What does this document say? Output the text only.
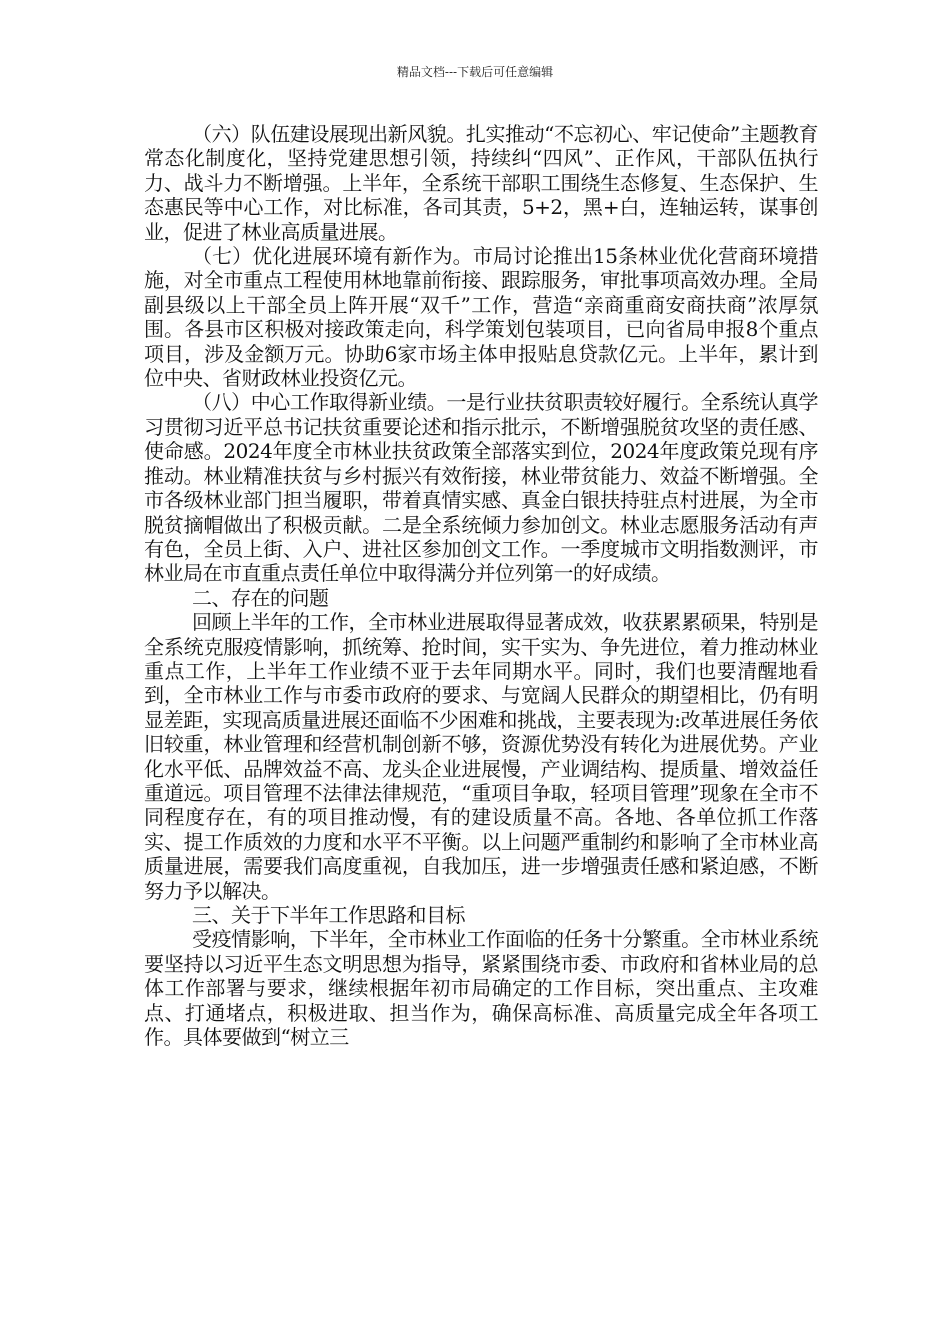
精品文档---下载后可任意编辑

（六）队伍建设展现出新风貌。扎实推动“不忘初心、牢记使命”主题教育常态化制度化，坚持党建思想引领，持续纠“四风”、正作风，干部队伍执行力、战斗力不断增强。上半年，全系统干部职工围绕生态修复、生态保护、生态惠民等中心工作，对比标准，各司其责，5+2，黑+白，连轴运转，谋事创业，促进了林业高质量进展。

（七）优化进展环境有新作为。市局讨论推出15条林业优化营商环境措施，对全市重点工程使用林地靠前衔接、跟踪服务，审批事项高效办理。全局副县级以上干部全员上阵开展“双千”工作，营造“亲商重商安商扶商”浓厚氛围。各县市区积极对接政策走向，科学策划包装项目，已向省局申报8个重点项目，涉及金额万元。协助6家市场主体申报贴息贷款亿元。上半年，累计到位中央、省财政林业投资亿元。

（八）中心工作取得新业绩。一是行业扶贫职责较好履行。全系统认真学习贯彻习近平总书记扶贫重要论述和指示批示，不断增强脱贫攻坚的责任感、使命感。2024年度全市林业扶贫政策全部落实到位，2024年度政策兑现有序推动。林业精准扶贫与乡村振兴有效衔接，林业带贫能力、效益不断增强。全市各级林业部门担当履职，带着真情实感、真金白银扶持驻点村进展，为全市脱贫摘帽做出了积极贡献。二是全系统倾力参加创文。林业志愿服务活动有声有色，全员上街、入户、进社区参加创文工作。一季度城市文明指数测评，市林业局在市直重点责任单位中取得满分并位列第一的好成绩。

二、存在的问题

回顾上半年的工作，全市林业进展取得显著成效，收获累累硕果，特别是全系统克服疫情影响，抓统筹、抢时间，实干实为、争先进位，着力推动林业重点工作，上半年工作业绩不亚于去年同期水平。同时，我们也要清醒地看到，全市林业工作与市委市政府的要求、与宽阔人民群众的期望相比，仍有明显差距，实现高质量进展还面临不少困难和挑战，主要表现为:改革进展任务依旧较重，林业管理和经营机制创新不够，资源优势没有转化为进展优势。产业化水平低、品牌效益不高、龙头企业进展慢，产业调结构、提质量、增效益任重道远。项目管理不法律法律规范，“重项目争取，轻项目管理”现象在全市不同程度存在，有的项目推动慢，有的建设质量不高。各地、各单位抓工作落实、提工作质效的力度和水平不平衡。以上问题严重制约和影响了全市林业高质量进展，需要我们高度重视，自我加压，进一步增强责任感和紧迫感，不断努力予以解决。

三、关于下半年工作思路和目标

受疫情影响，下半年，全市林业工作面临的任务十分繁重。全市林业系统要坚持以习近平生态文明思想为指导，紧紧围绕市委、市政府和省林业局的总体工作部署与要求，继续根据年初市局确定的工作目标，突出重点、主攻难点、打通堵点，积极进取、担当作为，确保高标准、高质量完成全年各项工作。具体要做到“树立三
